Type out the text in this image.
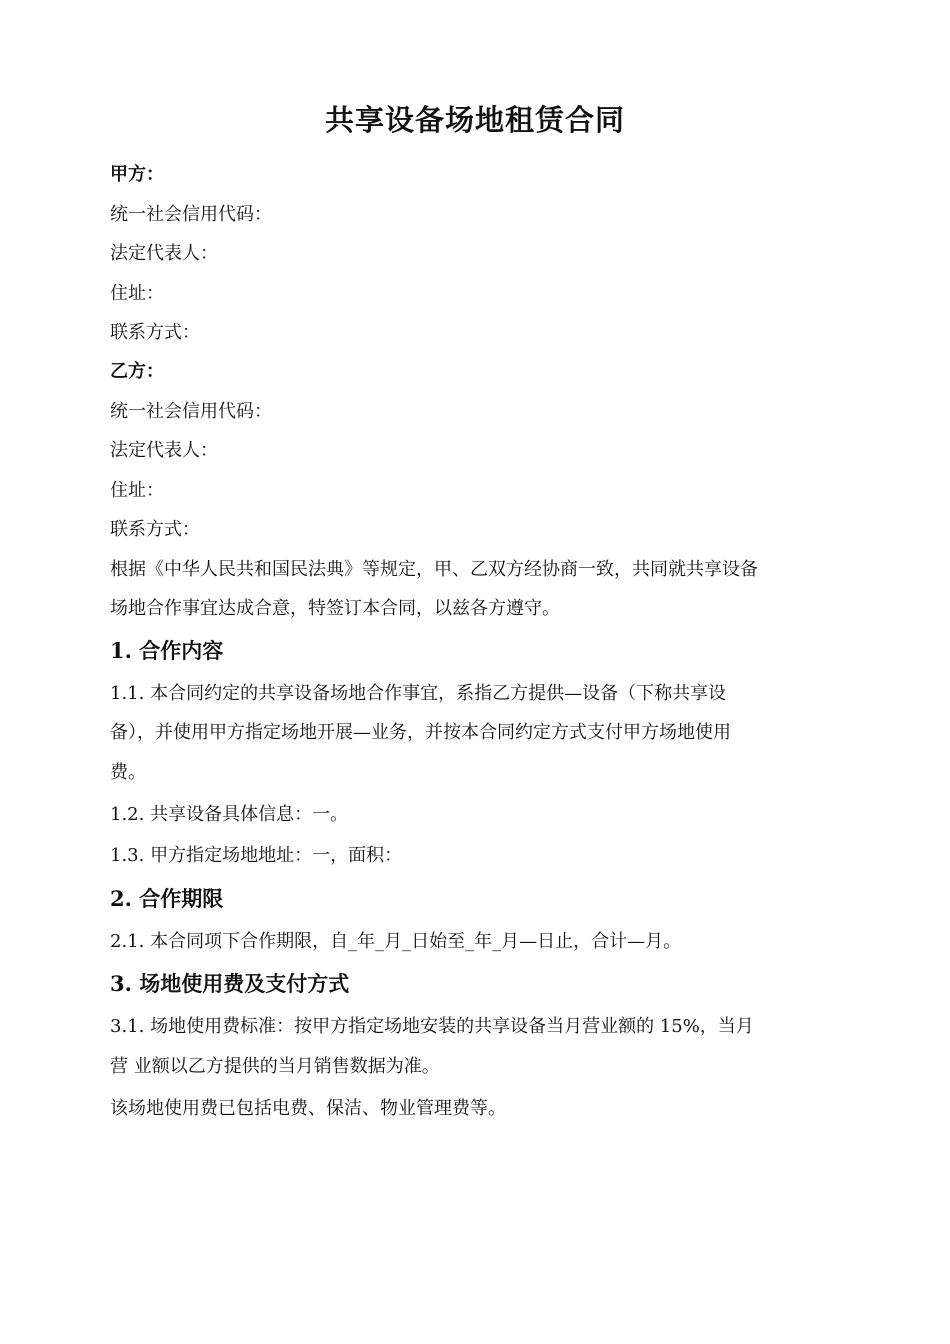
共享设备场地租赁合同
甲方：
统一社会信用代码：
法定代表人：
住址：
联系方式：
乙方：
统一社会信用代码：
法定代表人：
住址：
联系方式：
根据《中华人民共和国民法典》等规定，甲、乙双方经协商一致，共同就共享设备
场地合作事宜达成合意，特签订本合同，以兹各方遵守。
1. 合作内容
1.1. 本合同约定的共享设备场地合作事宜，系指乙方提供—设备（下称共享设
备），并使用甲方指定场地开展—业务，并按本合同约定方式支付甲方场地使用
费。
1.2. 共享设备具体信息：一。
1.3. 甲方指定场地地址：一，面积：
2. 合作期限
2.1. 本合同项下合作期限，自_年_月_日始至_年_月—日止，合计—月。
3. 场地使用费及支付方式
3.1. 场地使用费标准：按甲方指定场地安装的共享设备当月营业额的 15%，当月
营 业额以乙方提供的当月销售数据为准。
该场地使用费已包括电费、保洁、物业管理费等。
